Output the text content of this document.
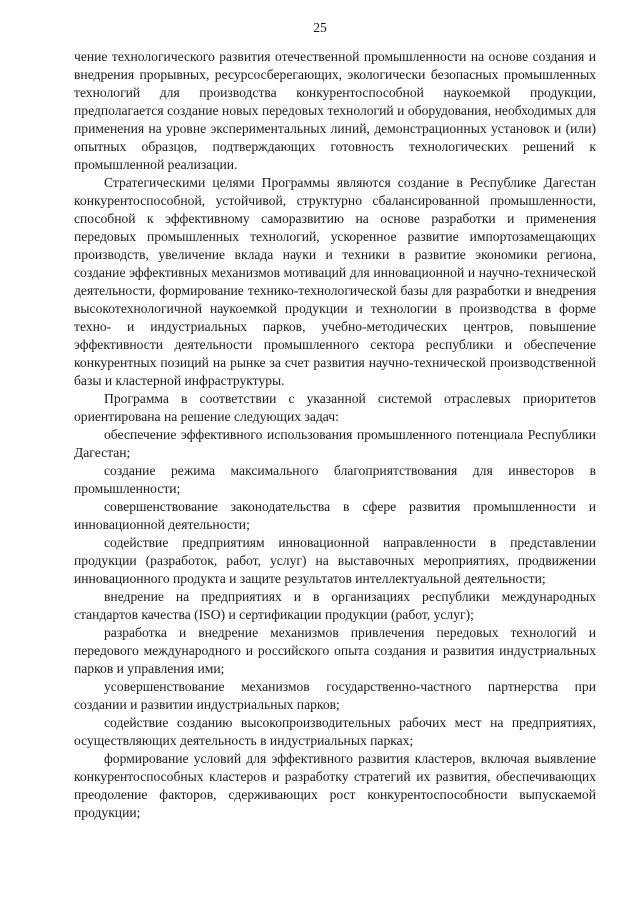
25

чение технологического развития отечественной промышленности на основе создания и внедрения прорывных, ресурсосберегающих, экологически безопасных промышленных технологий для производства конкурентоспособной наукоемкой продукции, предполагается создание новых передовых технологий и оборудования, необходимых для применения на уровне экспериментальных линий, демонстрационных установок и (или) опытных образцов, подтверждающих готовность технологических решений к промышленной реализации.

Стратегическими целями Программы являются создание в Республике Дагестан конкурентоспособной, устойчивой, структурно сбалансированной промышленности, способной к эффективному саморазвитию на основе разработки и применения передовых промышленных технологий, ускоренное развитие импортозамещающих производств, увеличение вклада науки и техники в развитие экономики региона, создание эффективных механизмов мотиваций для инновационной и научно-технической деятельности, формирование технико-технологической базы для разработки и внедрения высокотехнологичной наукоемкой продукции и технологии в производства в форме техно- и индустриальных парков, учебно-методических центров, повышение эффективности деятельности промышленного сектора республики и обеспечение конкурентных позиций на рынке за счет развития научно-технической производственной базы и кластерной инфраструктуры.

Программа в соответствии с указанной системой отраслевых приоритетов ориентирована на решение следующих задач:

обеспечение эффективного использования промышленного потенциала Республики Дагестан;

создание режима максимального благоприятствования для инвесторов в промышленности;

совершенствование законодательства в сфере развития промышленности и инновационной деятельности;

содействие предприятиям инновационной направленности в представлении продукции (разработок, работ, услуг) на выставочных мероприятиях, продвижении инновационного продукта и защите результатов интеллектуальной деятельности;

внедрение на предприятиях и в организациях республики международных стандартов качества (ISO) и сертификации продукции (работ, услуг);

разработка и внедрение механизмов привлечения передовых технологий и передового международного и российского опыта создания и развития индустриальных парков и управления ими;

усовершенствование механизмов государственно-частного партнерства при создании и развитии индустриальных парков;

содействие созданию высокопроизводительных рабочих мест на предприятиях, осуществляющих деятельность в индустриальных парках;

формирование условий для эффективного развития кластеров, включая выявление конкурентоспособных кластеров и разработку стратегий их развития, обеспечивающих преодоление факторов, сдерживающих рост конкурентоспособности выпускаемой продукции;
